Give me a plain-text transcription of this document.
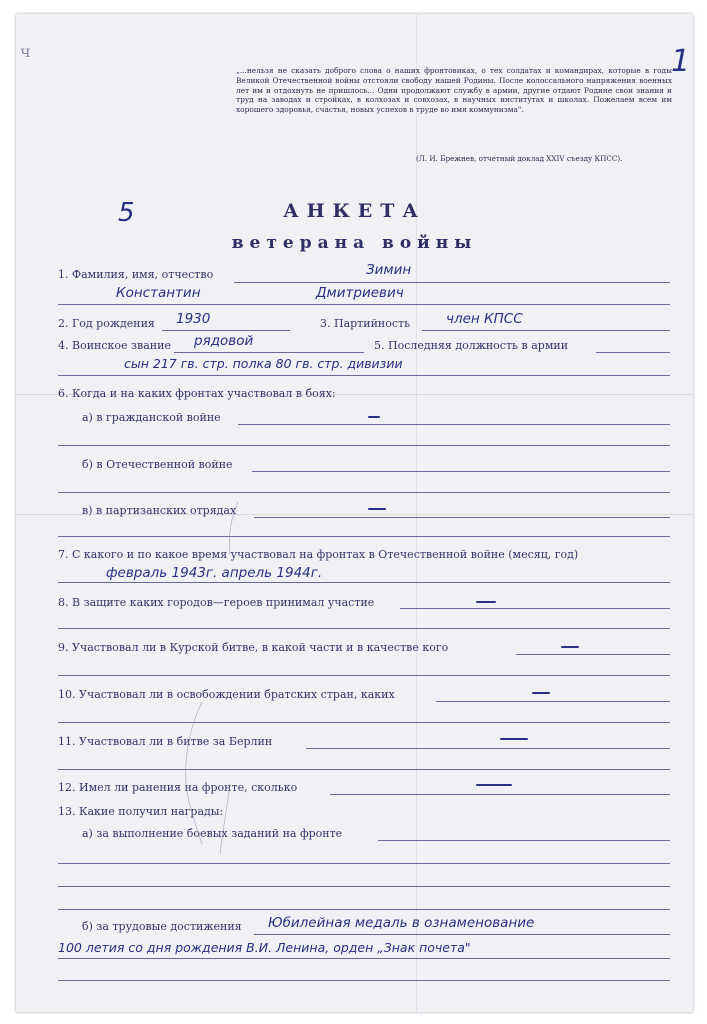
ч	1
„...нельзя не сказать доброго слова о наших фронтовиках, о тех солдатах и командирах, которые в годы Великой Отечественной войны отстояли свободу нашей Родины. После колоссального напряжения военных лет им и отдохнуть не пришлось... Одни продолжают службу в армии, другие отдают Родине свои знания и труд на заводах и стройках, в колхозах и совхозах, в научных институтах и школах. Пожелаем всем им хорошего здоровья, счастья, новых успехов в труде во имя коммунизма".
(Л. И. Брежнев, отчетный доклад XXIV съезду КПСС).
5	АНКЕТА
ветерана войны
1. Фамилия, имя, отчество	Зимин
Константин	Дмитриевич
2. Год рождения 1930	3. Партийность	член КПСС
4. Воинское звание рядовой	5. Последняя должность в армии
сын 217 гв. стр. полка 80 гв. стр. дивизии
6. Когда и на каких фронтах участвовал в боях:
а) в гражданской войне
б) в Отечественной войне
в) в партизанских отрядах
7. С какого и по какое время участвовал на фронтах в Отечественной войне (месяц, год)
февраль 1943г. апрель 1944г.
8. В защите каких городов—героев принимал участие
9. Участвовал ли в Курской битве, в какой части и в качестве кого
10. Участвовал ли в освобождении братских стран, каких
11. Участвовал ли в битве за Берлин
12. Имел ли ранения на фронте, сколько
13. Какие получил награды:
а) за выполнение боевых заданий на фронте
б) за трудовые достижения Юбилейная медаль в ознаменование
100 летия со дня рождения В.И. Ленина, орден „Знак почета"
